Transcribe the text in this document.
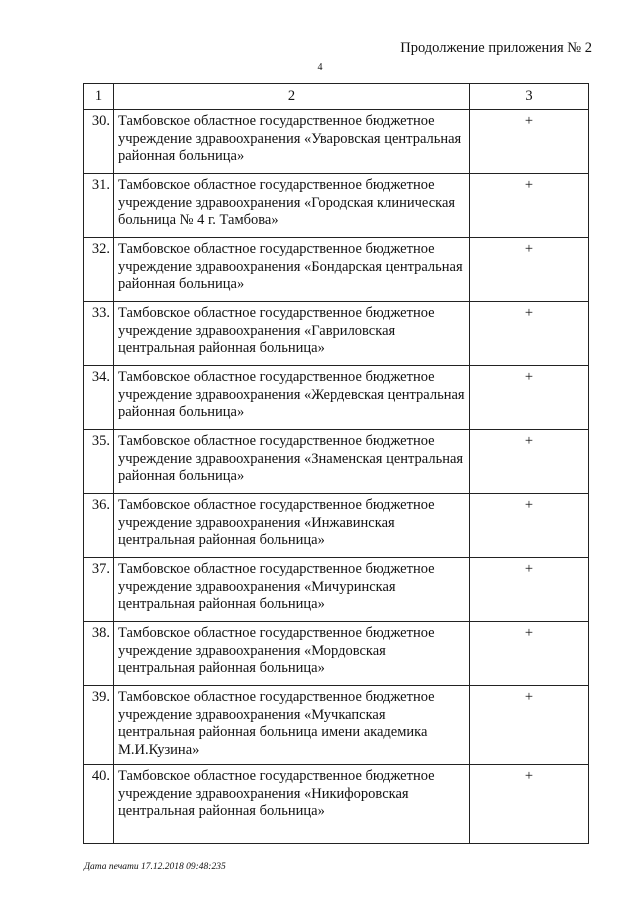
Продолжение приложения № 2
4
1	2	3
30.	Тамбовское областное государственное бюджетное учреждение здравоохранения «Уваровская центральная районная больница»	+
31.	Тамбовское областное государственное бюджетное учреждение здравоохранения «Городская клиническая больница № 4 г. Тамбова»	+
32.	Тамбовское областное государственное бюджетное учреждение здравоохранения «Бондарская центральная районная больница»	+
33.	Тамбовское областное государственное бюджетное учреждение здравоохранения «Гавриловская центральная районная больница»	+
34.	Тамбовское областное государственное бюджетное учреждение здравоохранения «Жердевская центральная районная больница»	+
35.	Тамбовское областное государственное бюджетное учреждение здравоохранения «Знаменская центральная районная больница»	+
36.	Тамбовское областное государственное бюджетное учреждение здравоохранения «Инжавинская центральная районная больница»	+
37.	Тамбовское областное государственное бюджетное учреждение здравоохранения «Мичуринская центральная районная больница»	+
38.	Тамбовское областное государственное бюджетное учреждение здравоохранения «Мордовская центральная районная больница»	+
39.	Тамбовское областное государственное бюджетное учреждение здравоохранения «Мучкапская центральная районная больница имени академика М.И.Кузина»	+
40.	Тамбовское областное государственное бюджетное учреждение здравоохранения «Никифоровская центральная районная больница»	+
Дата печати 17.12.2018 09:48:235
